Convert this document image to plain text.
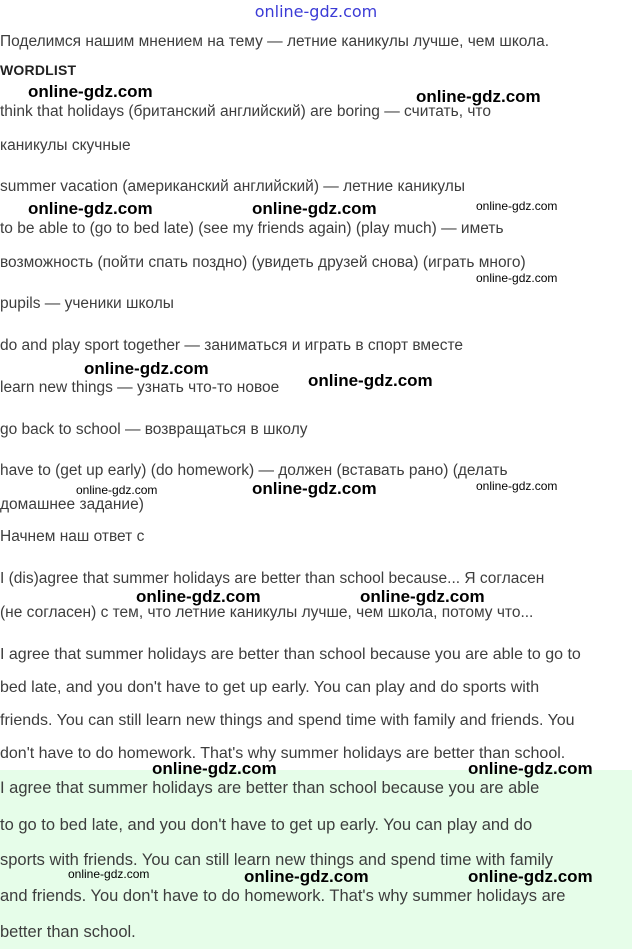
online-gdz.com
Поделимся нашим мнением на тему — летние каникулы лучше, чем школа.
WORDLIST
think that holidays (британский английский) are boring — считать, что
каникулы скучные
summer vacation (американский английский) — летние каникулы
to be able to (go to bed late) (see my friends again) (play much) — иметь
возможность (пойти спать поздно) (увидеть друзей снова) (играть много)
pupils — ученики школы
do and play sport together — заниматься и играть в спорт вместе
learn new things — узнать что-то новое
go back to school — возвращаться в школу
have to (get up early) (do homework) — должен (вставать рано) (делать
домашнее задание)
Начнем наш ответ с
I (dis)agree that summer holidays are better than school because... Я согласен
(не согласен) с тем, что летние каникулы лучше, чем школа, потому что...
I agree that summer holidays are better than school because you are able to go to
bed late, and you don't have to get up early. You can play and do sports with
friends. You can still learn new things and spend time with family and friends. You
don't have to do homework. That's why summer holidays are better than school.
I agree that summer holidays are better than school because you are able
to go to bed late, and you don't have to get up early. You can play and do
sports with friends. You can still learn new things and spend time with family
and friends. You don't have to do homework. That's why summer holidays are
better than school.
online-gdz.com	online-gdz.com
online-gdz.com	online-gdz.com	online-gdz.com
online-gdz.com
online-gdz.com
online-gdz.com
online-gdz.com	online-gdz.com	online-gdz.com
online-gdz.com	online-gdz.com
online-gdz.com	online-gdz.com
online-gdz.com	online-gdz.com	online-gdz.com
